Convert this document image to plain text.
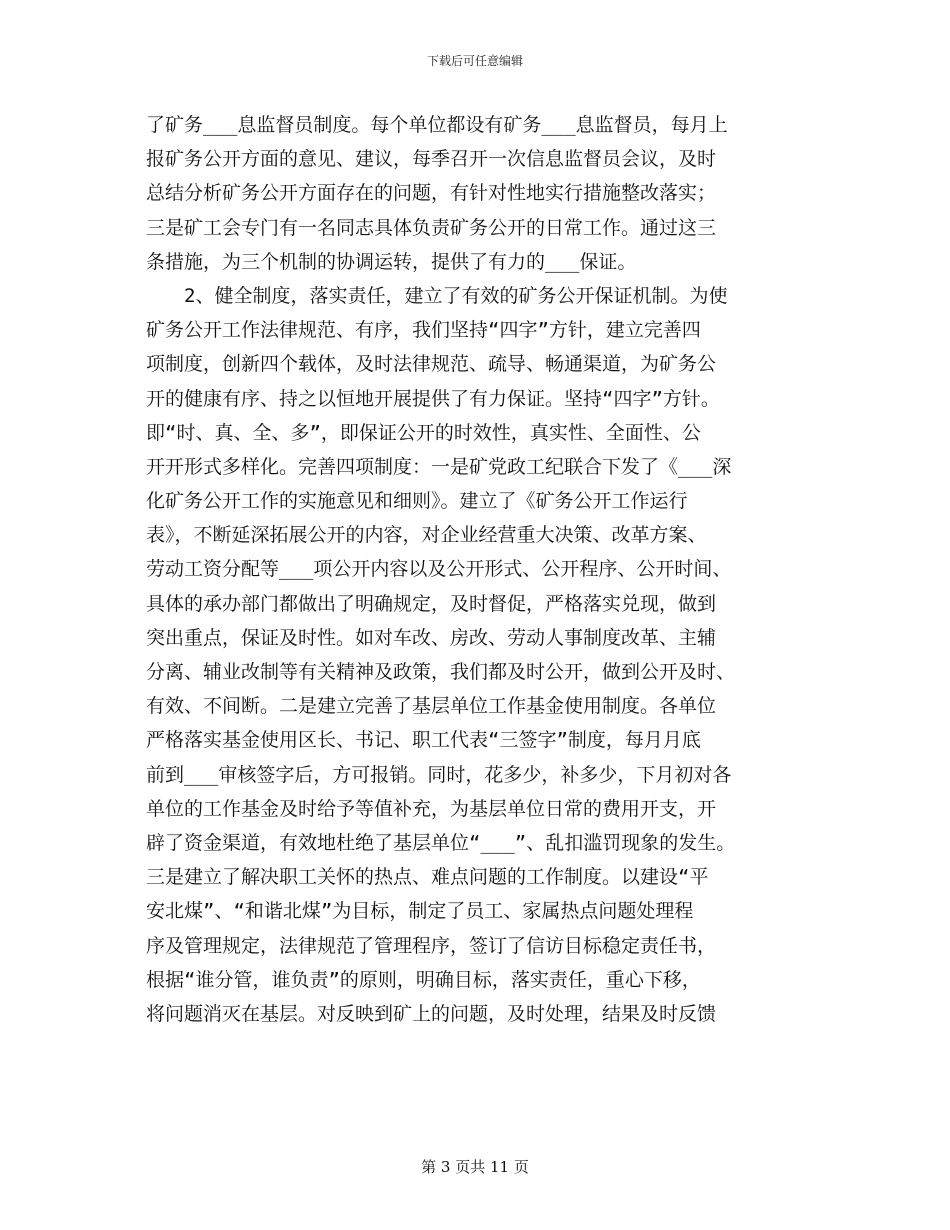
下载后可任意编辑

了矿务___息监督员制度。每个单位都设有矿务___息监督员，每月上

报矿务公开方面的意见、建议，每季召开一次信息监督员会议，及时

总结分析矿务公开方面存在的问题，有针对性地实行措施整改落实；

三是矿工会专门有一名同志具体负责矿务公开的日常工作。通过这三

条措施，为三个机制的协调运转，提供了有力的___保证。

2、健全制度，落实责任，建立了有效的矿务公开保证机制。为使

矿务公开工作法律规范、有序，我们坚持“四字”方针，建立完善四

项制度，创新四个载体，及时法律规范、疏导、畅通渠道，为矿务公

开的健康有序、持之以恒地开展提供了有力保证。坚持“四字”方针。

即“时、真、全、多”，即保证公开的时效性，真实性、全面性、公

开开形式多样化。完善四项制度：一是矿党政工纪联合下发了《___深

化矿务公开工作的实施意见和细则》。建立了《矿务公开工作运行

表》，不断延深拓展公开的内容，对企业经营重大决策、改革方案、

劳动工资分配等___项公开内容以及公开形式、公开程序、公开时间、

具体的承办部门都做出了明确规定，及时督促，严格落实兑现，做到

突出重点，保证及时性。如对车改、房改、劳动人事制度改革、主辅

分离、辅业改制等有关精神及政策，我们都及时公开，做到公开及时、

有效、不间断。二是建立完善了基层单位工作基金使用制度。各单位

严格落实基金使用区长、书记、职工代表“三签字”制度，每月月底

前到___审核签字后，方可报销。同时，花多少，补多少，下月初对各

单位的工作基金及时给予等值补充，为基层单位日常的费用开支，开

辟了资金渠道，有效地杜绝了基层单位“___”、乱扣滥罚现象的发生。

三是建立了解决职工关怀的热点、难点问题的工作制度。以建设“平

安北煤”、“和谐北煤”为目标，制定了员工、家属热点问题处理程

序及管理规定，法律规范了管理程序，签订了信访目标稳定责任书，

根据“谁分管，谁负责”的原则，明确目标，落实责任，重心下移，

将问题消灭在基层。对反映到矿上的问题，及时处理，结果及时反馈

第 3 页共 11 页
